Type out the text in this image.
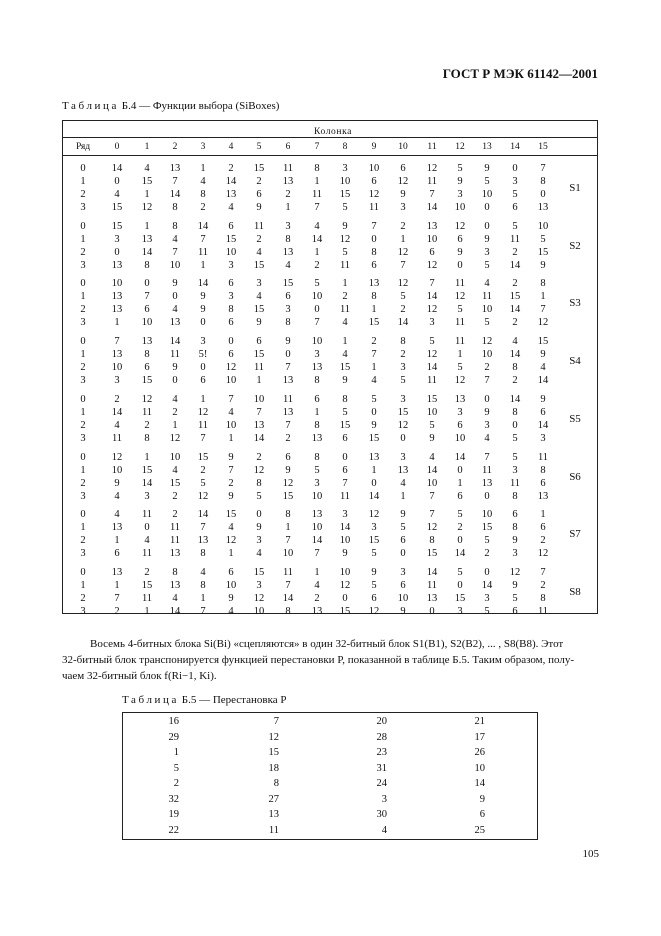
ГОСТ Р МЭК 61142—2001
Таблица Б.4 — Функции выбора (SiBoxes)
Колонка
Ряд	0	1 2 3 4 5	6	7 8	9 10 11 12 13 14 15
0 14 4 13 1 2 15 11 8 3 10 6 12 5 9 0 7
1	0 15 7 4 14 2 13 1 10 6 12 11 9 5 3 8
2	4 1 14 8 13 6 2 11 15 12 9 7 3 10 5 0
3 15 12 8 2 4 9 1 7 5 11 3 14 10 0 6 13
S1
0 15 1 8 14 6 11 3 4 9 7 2 13 12 0 5 10
1	3 13 4 7 15 2 8 14 12 0 1 10 6 9 11 5
2	0 14 7 11 10 4 13 1 5 8 12 6 9 3 2 15
3 13 8 10 1 3 15 4 2 11 6 7 12 0 5 14 9
S2
0 10 0 9 14 6 3 15 5 1 13 12 7 11 4 2 8
1 13 7 0 9 3 4 6 10 2 8 5 14 12 11 15 1
2 13 6 4 9 8 15 3 0 11 1 2 12 5 10 14 7
3	1 10 13 0 6 9 8 7 4 15 14 3 11 5 2 12
S3
0	7 13 14 3 0 6 9 10 1 2 8 5 11 12 4 15
1 13 8 11 5! 6 15 0 3 4 7 2 12 1 10 14 9
2 10 6 9 0 12 11 7 13 15 1 3 14 5 2 8 4
3	3 15 0 6 10 1 13 8 9 4 5 11 12 7 2 14
S4
0	2 12 4 1 7 10 11 6 8 5 3 15 13 0 14 9
1 14 11 2 12 4 7 13 1 5 0 15 10 3 9 8 6
2	4 2 1 11 10 13 7 8 15 9 12 5 6 3 0 14
3	11 8 12 7 1 14 2 13 6 15 0 9 10 4 5 3
S5
0 12 1 10 15 9 2 6 8 0 13 3 4 14 7 5 11
1 10 15 4 2 7 12 9 5 6 1 13 14 0 11 3 8
2	9 14 15 5 2 8 12 3 7 0 4 10 1 13 11 6
3	4 3 2 12 9 5 15 10 11 14 1 7 6 0 8 13
S6
0	4 11 2 14 15 0 8 13 3 12 9 7 5 10 6 1
1 13 0 11 7 4 9 1 10 14 3 5 12 2 15 8 6
2	1 4 11 13 12 3 7 14 10 15 6 8 0 5 9 2
3	6 11 13 8 1 4 10 7 9 5 0 15 14 2 3 12
S7
0 13 2 8 4 6 15 11 1 10 9 3 14 5 0 12 7
1	1 15 13 8 10 3 7 4 12 5 6 11 0 14 9 2
2	7 11 4 1 9 12 14 2 0 6 10 13 15 3 5 8
3	2 1 14 7 4 10 8 13 15 12 9 0 3 5 6 11
S8
Восемь 4-битных блока Si(Bi) «сцепляются» в один 32-битный блок S1(B1), S2(B2), ... , S8(B8). Этот
32-битный блок транспонируется функцией перестановки P, показанной в таблице Б.5. Таким образом, полу-
чаем 32-битный блок f(Ri−1, Ki).
Таблица Б.5 — Перестановка P
16	7	20	21
29	12	28	17
1	15	23	26
5	18	31	10
2	8	24	14
32	27	3	9
19	13	30	6
22	11	4	25
105
